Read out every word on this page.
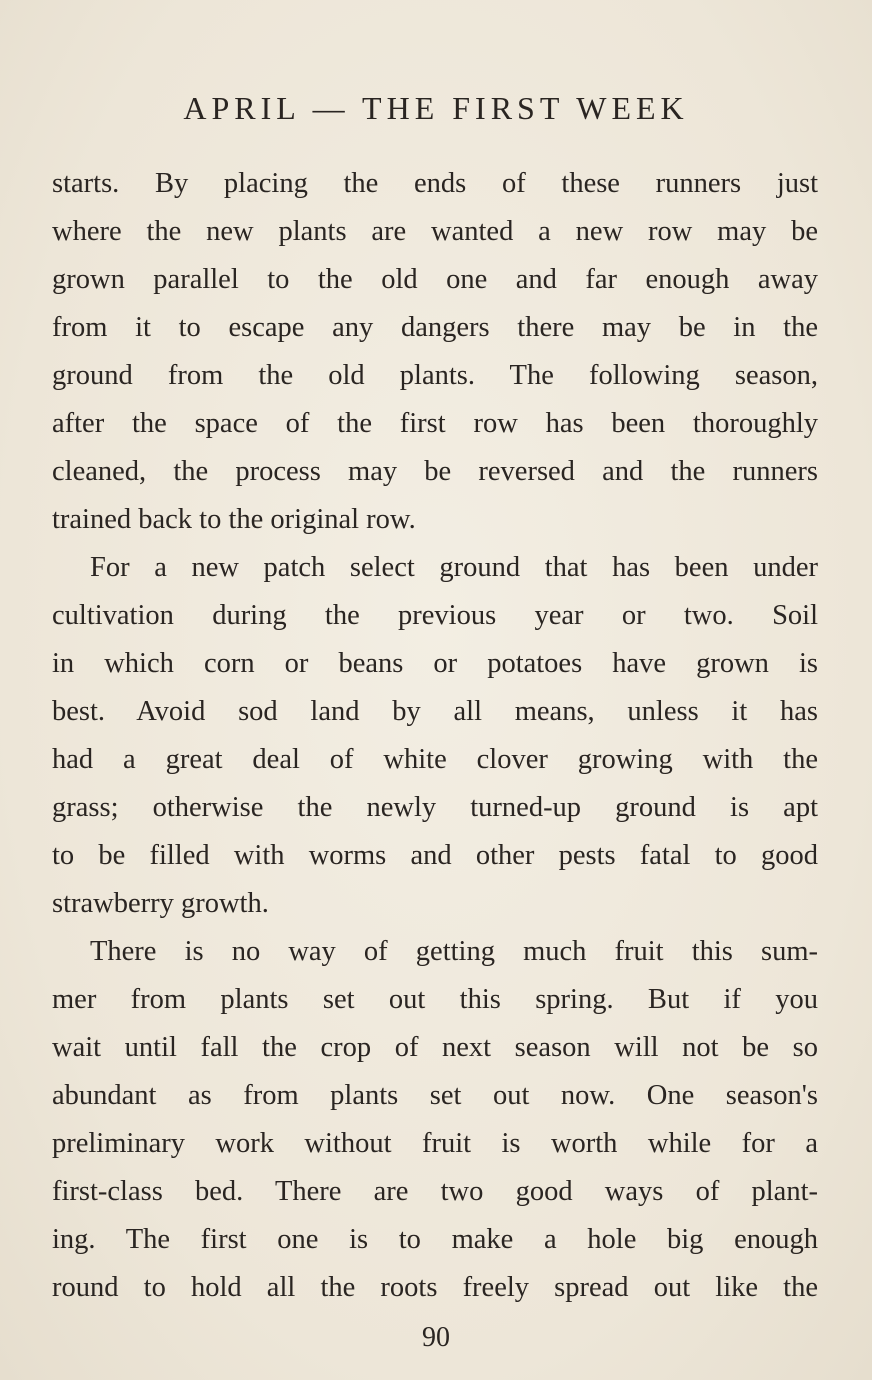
APRIL — THE FIRST WEEK
starts. By placing the ends of these runners just
where the new plants are wanted a new row may be
grown parallel to the old one and far enough away
from it to escape any dangers there may be in the
ground from the old plants. The following season,
after the space of the first row has been thoroughly
cleaned, the process may be reversed and the runners
trained back to the original row.
For a new patch select ground that has been under
cultivation during the previous year or two. Soil
in which corn or beans or potatoes have grown is
best. Avoid sod land by all means, unless it has
had a great deal of white clover growing with the
grass; otherwise the newly turned-up ground is apt
to be filled with worms and other pests fatal to good
strawberry growth.
There is no way of getting much fruit this sum-
mer from plants set out this spring. But if you
wait until fall the crop of next season will not be so
abundant as from plants set out now. One season's
preliminary work without fruit is worth while for a
first-class bed. There are two good ways of plant-
ing. The first one is to make a hole big enough
round to hold all the roots freely spread out like the
90
